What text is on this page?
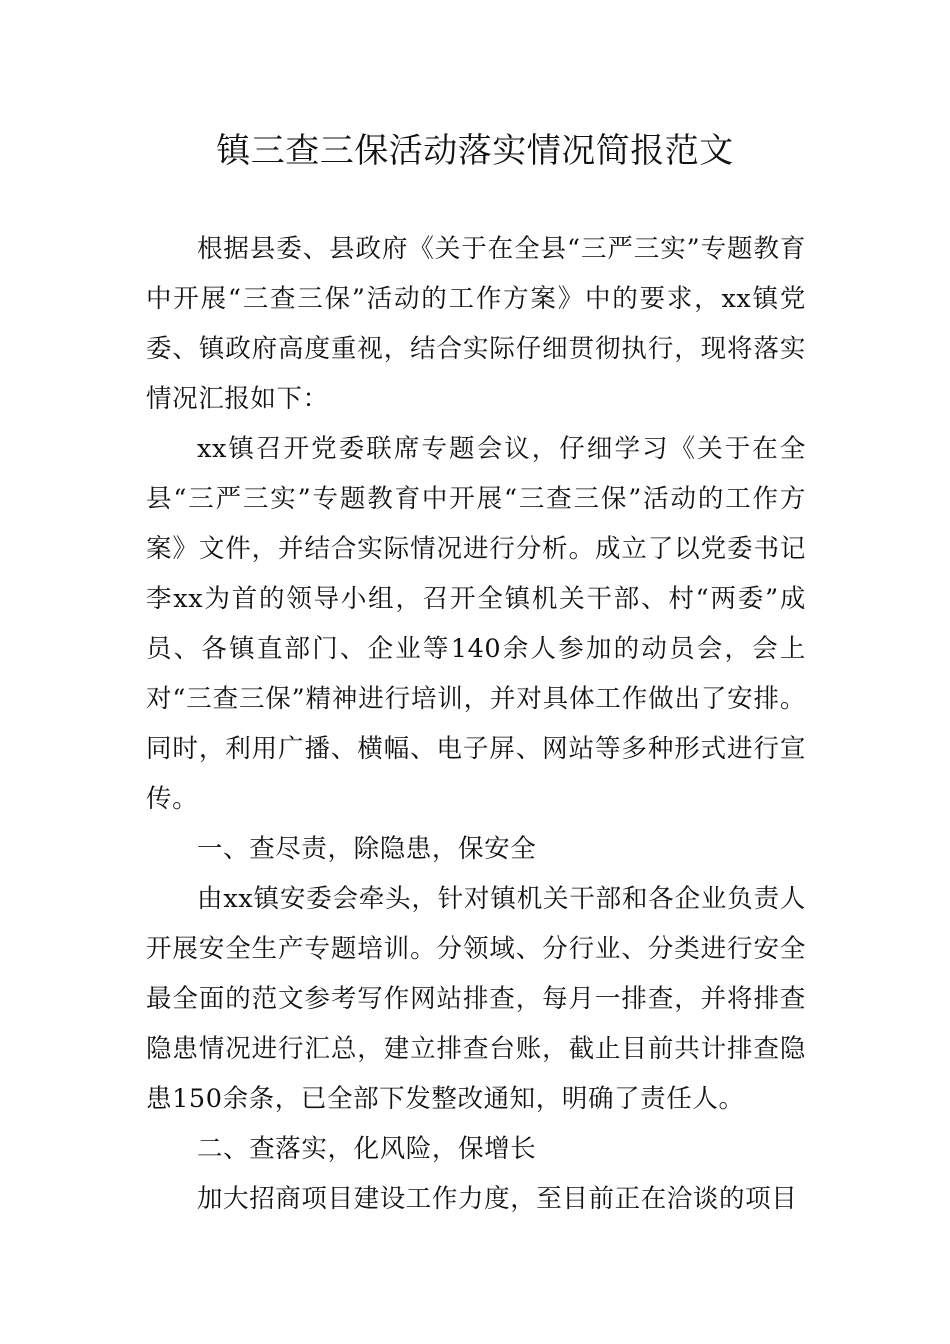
镇三查三保活动落实情况简报范文

根据县委、县政府《关于在全县“三严三实”专题教育中开展“三查三保”活动的工作方案》中的要求，xx镇党委、镇政府高度重视，结合实际仔细贯彻执行，现将落实情况汇报如下：

xx镇召开党委联席专题会议，仔细学习《关于在全县“三严三实”专题教育中开展“三查三保”活动的工作方案》文件，并结合实际情况进行分析。成立了以党委书记李xx为首的领导小组，召开全镇机关干部、村“两委”成员、各镇直部门、企业等140余人参加的动员会，会上对“三查三保”精神进行培训，并对具体工作做出了安排。同时，利用广播、横幅、电子屏、网站等多种形式进行宣传。

一、查尽责，除隐患，保安全

由xx镇安委会牵头，针对镇机关干部和各企业负责人开展安全生产专题培训。分领域、分行业、分类进行安全最全面的范文参考写作网站排查，每月一排查，并将排查隐患情况进行汇总，建立排查台账，截止目前共计排查隐患150余条，已全部下发整改通知，明确了责任人。

二、查落实，化风险，保增长

加大招商项目建设工作力度，至目前正在洽谈的项目
